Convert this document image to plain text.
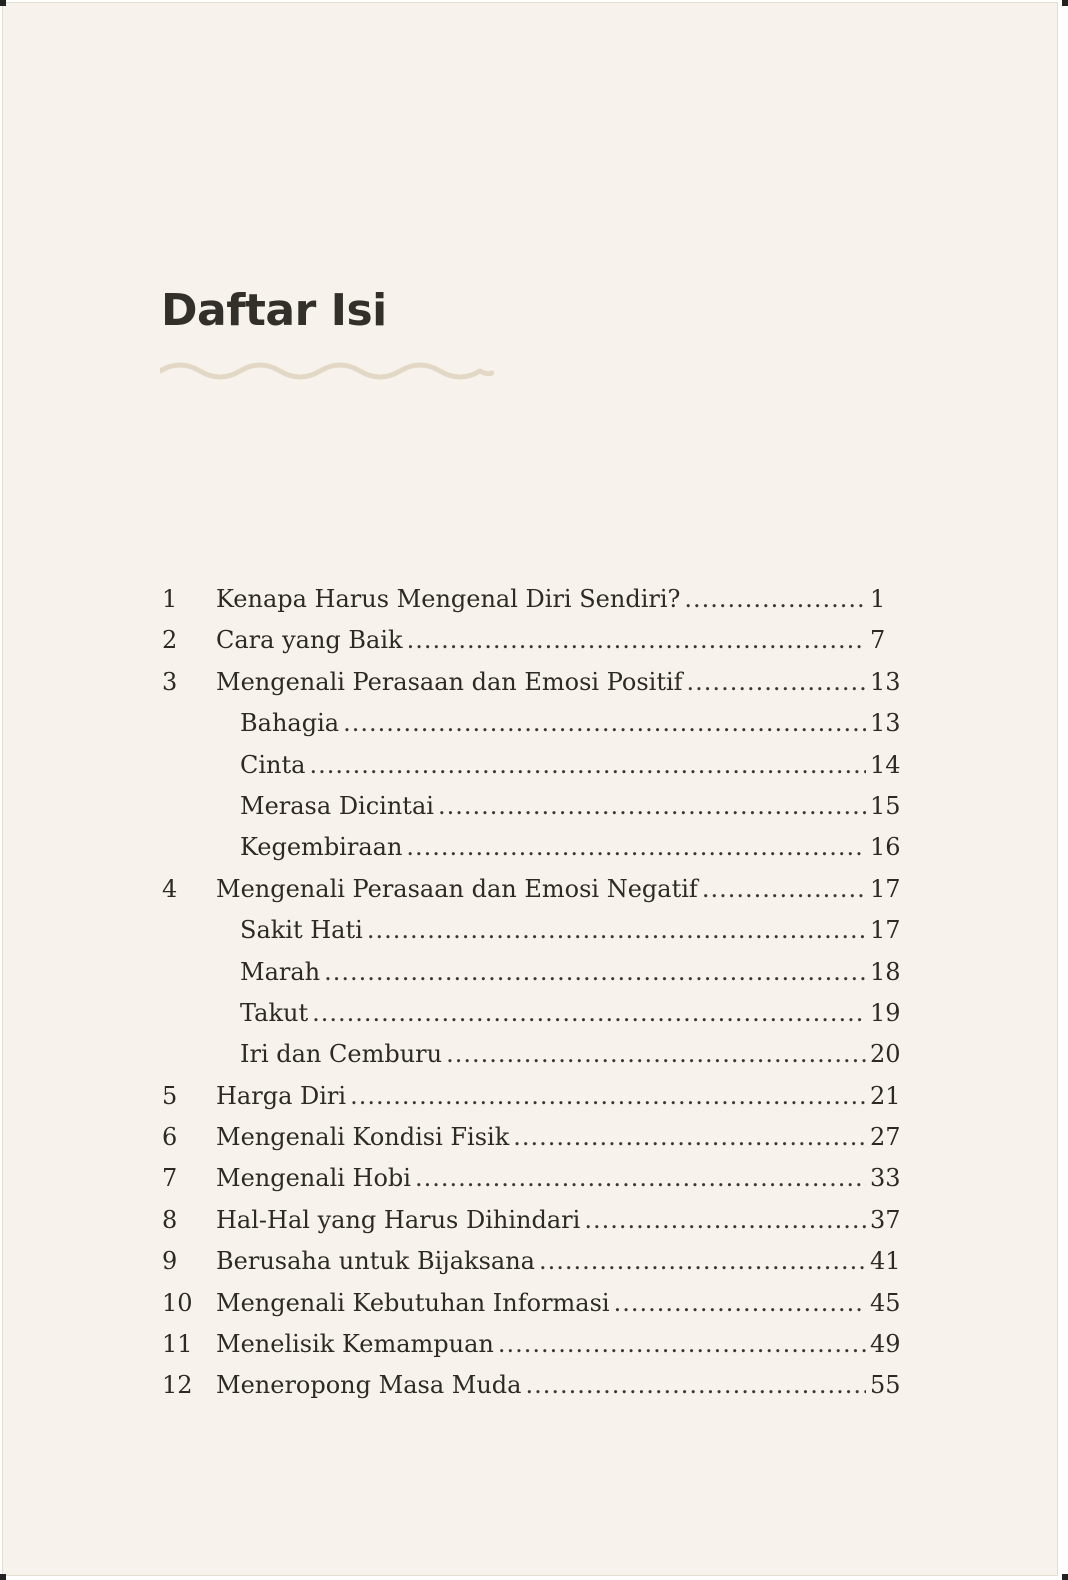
Daftar Isi
1	Kenapa Harus Mengenal Diri Sendiri? .....	1
2	Cara yang Baik .....	7
3	Mengenali Perasaan dan Emosi Positif .....	13
Bahagia .....	13
Cinta .....	14
Merasa Dicintai .....	15
Kegembiraan .....	16
4	Mengenali Perasaan dan Emosi Negatif .....	17
Sakit Hati .....	17
Marah .....	18
Takut .....	19
Iri dan Cemburu .....	20
5	Harga Diri .....	21
6	Mengenali Kondisi Fisik .....	27
7	Mengenali Hobi .....	33
8	Hal-Hal yang Harus Dihindari .....	37
9	Berusaha untuk Bijaksana .....	41
10 Mengenali Kebutuhan Informasi .....	45
11 Menelisik Kemampuan .....	49
12 Meneropong Masa Muda .....	55
